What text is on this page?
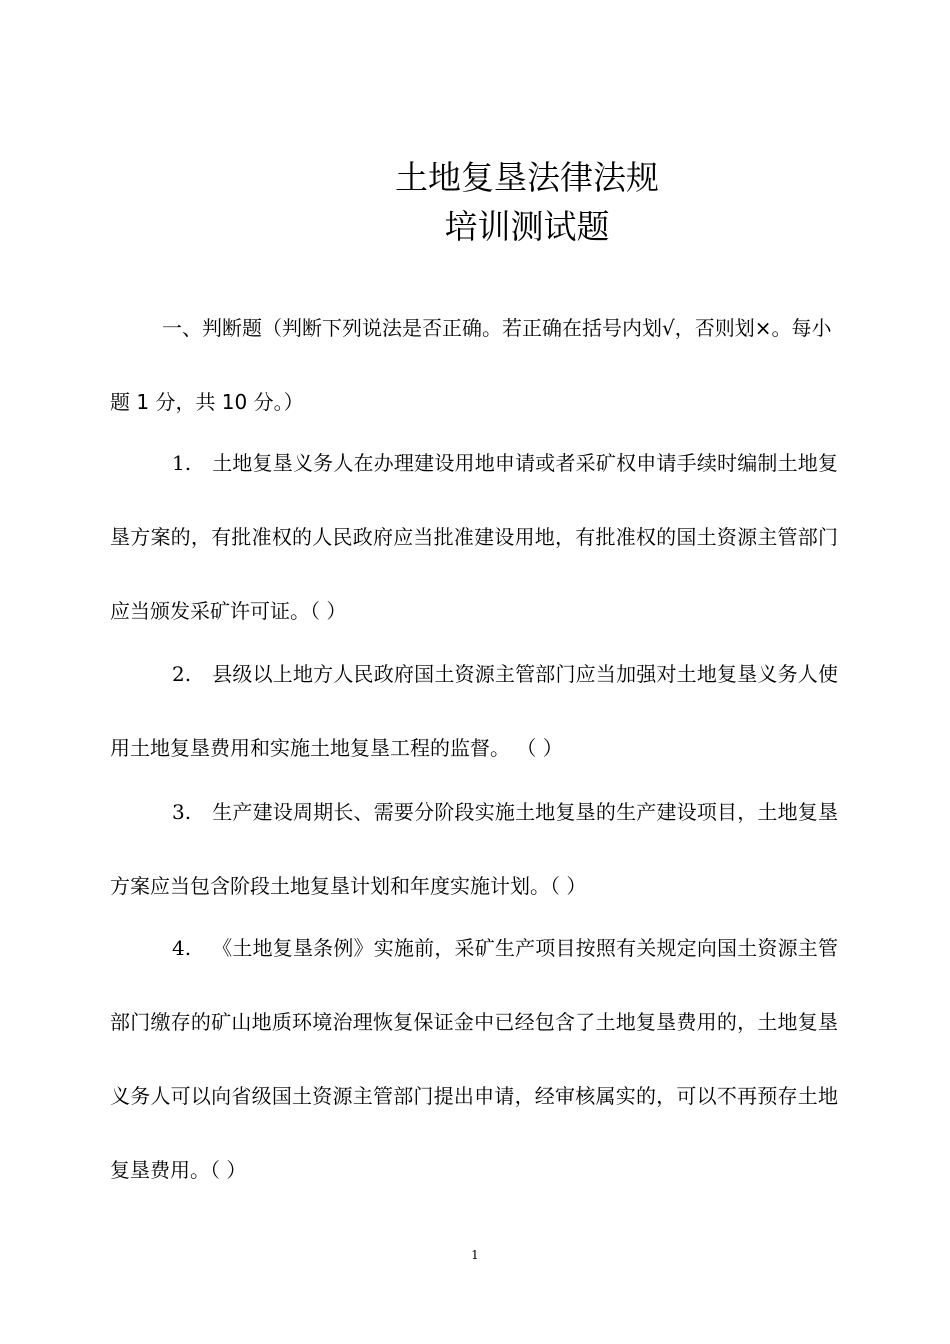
土地复垦法律法规
培训测试题
一、判断题（判断下列说法是否正确。若正确在括号内划√，否则划×。每小题 1 分，共 10 分。）
1. 土地复垦义务人在办理建设用地申请或者采矿权申请手续时编制土地复垦方案的，有批准权的人民政府应当批准建设用地，有批准权的国土资源主管部门应当颁发采矿许可证。（ ）
2. 县级以上地方人民政府国土资源主管部门应当加强对土地复垦义务人使用土地复垦费用和实施土地复垦工程的监督。 （ ）
3. 生产建设周期长、需要分阶段实施土地复垦的生产建设项目，土地复垦方案应当包含阶段土地复垦计划和年度实施计划。（ ）
4. 《土地复垦条例》实施前，采矿生产项目按照有关规定向国土资源主管部门缴存的矿山地质环境治理恢复保证金中已经包含了土地复垦费用的，土地复垦义务人可以向省级国土资源主管部门提出申请，经审核属实的，可以不再预存土地复垦费用。（ ）
1
